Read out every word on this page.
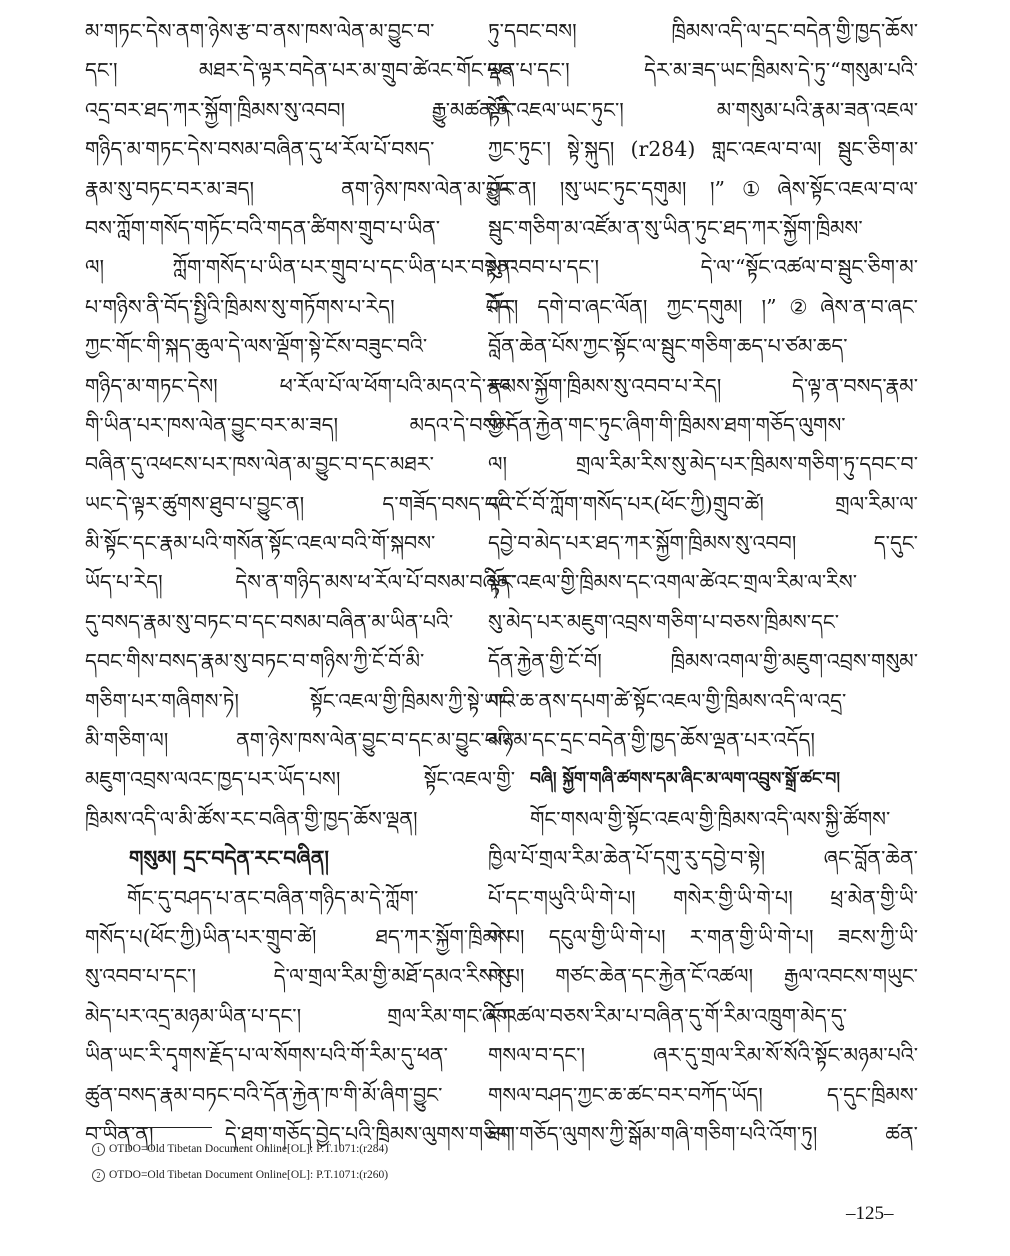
མ་གཏང་དེས་ནག་ཉེས་རྩ་བ་ནས་ཁས་ལེན་མ་བྱུང་བ་
དང་། མཐར་དེ་ལྟར་བདེན་པར་མ་གྲུབ་ཚེའང་གོང་དང་
འདྲ་བར་ཐད་ཀར་སྐྱོག་ཁྲིམས་སུ་འབབ། རྒྱུ་མཚན་ནི་
གཉིད་མ་གཏང་དེས་བསམ་བཞིན་དུ་ཕ་རོལ་པོ་བསད་
རྣམ་སུ་བཏང་བར་མ་ཟད། ནག་ཉེས་ཁས་ལེན་མ་བྱུང་
བས་ཀློག་གསོད་གཏོང་བའི་གདན་ཚིགས་གྲུབ་པ་ཡིན་
ལ། ཀློག་གསོད་པ་ཡིན་པར་གྲུབ་པ་དང་ཡིན་པར་བསྟེན་
པ་གཉིས་ནི་བོད་སྤྱིའི་ཁྲིམས་སུ་གཏོགས་པ་རེད། བོད་
ཀྱང་གོང་གི་སྐད་ཆུལ་དེ་ལས་ལྡོག་སྟེ་ངོས་བཟུང་བའི་
གཉིད་མ་གཏང་དེས། ཕ་རོལ་པོ་ལ་ཕོག་པའི་མདའ་དེ་རང་
གི་ཡིན་པར་ཁས་ལེན་བྱུང་བར་མ་ཟད། མདའ་དེ་བསམ་
བཞིན་དུ་འཕངས་པར་ཁས་ལེན་མ་བྱུང་བ་དང་མཐར་
ཡང་དེ་ལྟར་ཚུགས་ཐུབ་པ་བྱུང་ན། ད་གཟོད་བསད་པའི་
མི་སྟོང་དང་རྣམ་པའི་གསོན་སྟོང་འཇལ་བའི་གོ་སྐབས་
ཡོད་པ་རེད། དེས་ན་གཉིད་མས་ཕ་རོལ་པོ་བསམ་བཞིན་
དུ་བསད་རྣམ་སུ་བཏང་བ་དང་བསམ་བཞིན་མ་ཡིན་པའི་
དབང་གིས་བསད་རྣམ་སུ་བཏང་བ་གཉིས་ཀྱི་ངོ་བོ་མི་
གཅིག་པར་གཞིགས་ཏེ། སྟོང་འཇལ་གྱི་ཁྲིམས་ཀྱི་སྟེ་ཡང་
མི་གཅིག་ལ། ནག་ཉེས་ཁས་ལེན་བྱུང་བ་དང་མ་བྱུང་བའི་
མཇུག་འབྲས་ལའང་ཁྱད་པར་ཡོད་པས། སྟོང་འཇལ་གྱི་
ཁྲིམས་འདི་ལ་མི་ཚོས་རང་བཞིན་གྱི་ཁྱད་ཆོས་ལྡན།
གསུམ། དྲང་བདེན་རང་བཞིན།
གོང་དུ་བཤད་པ་ནང་བཞིན་གཉིད་མ་དེ་ཀློག་
གསོད་པ(ཕོང་ཀྱི)ཡིན་པར་གྲུབ་ཚེ། ཐད་ཀར་སྐྱོག་ཁྲིམས་
སུ་འབབ་པ་དང་། དེ་ལ་གྲལ་རིམ་གྱི་མཐོ་དམའ་རིས་སུ་
མེད་པར་འདྲ་མཉམ་ཡིན་པ་དང་། གྲལ་རིམ་གང་ཞིག་
ཡིན་ཡང་རི་དྭགས་རྗོད་པ་ལ་སོགས་པའི་གོ་རིམ་དུ་ཕན་
ཚུན་བསད་རྣམ་བཏང་བའི་དོན་རྐྱེན་ཁ་གི་མོ་ཞིག་བྱུང་
བ་ཡིན་ན། དེ་ཐག་གཅོད་བྱེད་པའི་ཁྲིམས་ལུགས་གཅིག་
ཏུ་དབང་བས། ཁྲིམས་འདི་ལ་དྲང་བདེན་གྱི་ཁྱད་ཆོས་
ལྡན་པ་དང་། དེར་མ་ཟད་ཡང་ཁྲིམས་དེ་ཏུ་“གསུམ་པའི་
སྟོང་འཇལ་ཡང་ཏུང་། མ་གསུམ་པའི་རྣམ་ཟན་འཇལ་
ཀྱང་ཏུང་། སྟེ་སྐུད། (r284) གླང་འཇལ་བ་ལ། སྦུང་ཅིག་མ་
ཤོར་ན། །སུ་ཡང་ཏུང་དགུམ། །”①ཞེས་སྟོང་འཇལ་བ་ལ་
སྦུང་གཅིག་མ་འཛོམ་ན་སུ་ཡིན་ཏུང་ཐད་ཀར་སྐྱོག་ཁྲིམས་
སུ་འབབ་པ་དང་། དེ་ལ་“སྟོང་འཚལ་བ་སྦུང་ཅིག་མ་
ཤོར། དགེ་བ་ཞང་ལོན། ཀྱང་དགུམ། །”②ཞེས་ན་བ་ཞང་
བློན་ཆེན་པོས་ཀྱང་སྟོང་ལ་སྦུང་གཅིག་ཆད་པ་ཙམ་ཆད་
རྣམས་སྐྱོག་ཁྲིམས་སུ་འབབ་པ་རེད། དེ་ལྟ་ན་བསད་རྣམ་
གྱི་དོན་རྐྱེན་གང་ཏུང་ཞིག་གི་ཁྲིམས་ཐག་གཅོད་ལུགས་
ལ། གྲལ་རིམ་རིས་སུ་མེད་པར་ཁྲིམས་གཅིག་ཏུ་དབང་བ་
དང་ངོ་བོ་ཀློག་གསོད་པར(ཕོང་ཀྱི)གྲུབ་ཚེ། གྲལ་རིམ་ལ་
དབྱེ་བ་མེད་པར་ཐད་ཀར་སྐྱོག་ཁྲིམས་སུ་འབབ། ད་དུང་
སྟོང་འཇལ་གྱི་ཁྲིམས་དང་འགལ་ཚེའང་གྲལ་རིམ་ལ་རིས་
སུ་མེད་པར་མཇུག་འབྲས་གཅིག་པ་བཅས་ཁྲིམས་དང་
དོན་རྐྱེན་གྱི་ངོ་བོ། ཁྲིམས་འགལ་གྱི་མཇུག་འབྲས་གསུམ་
གའི་ཆ་ནས་དཔག་ཚེ་སྟོང་འཇལ་གྱི་ཁྲིམས་འདི་ལ་འདྲ་
མཉམ་དང་དྲང་བདེན་གྱི་ཁྱད་ཆོས་ལྡན་པར་འདོད།
བཞི། སྐྱོག་གཞི་ཚགས་དམ་ཞིང་མ་ལག་འབྲུས་སྒྲོ་ཚང་བ།
གོང་གསལ་གྱི་སྟོང་འཇལ་གྱི་ཁྲིམས་འདི་ལས་སྐྱི་ཚོགས་
ཁྱིལ་པོ་གྲལ་རིམ་ཆེན་པོ་དགུ་རུ་དབྱེ་བ་སྟེ། ཞང་བློན་ཆེན་
པོ་དང་གཡུའི་ཡི་གེ་པ། གསེར་གྱི་ཡི་གེ་པ། ཕྲ་མེན་གྱི་ཡི་
གེ་པ། དངུལ་གྱི་ཡི་གེ་པ། ར་གན་གྱི་ཡི་གེ་པ། ཟངས་ཀྱི་ཡི་
གེ་པ། གཙང་ཆེན་དང་རྐྱེན་ངོ་འཚལ། རྒྱལ་འབངས་གཡུང་
ངོ་འཚལ་བཅས་རིམ་པ་བཞིན་དུ་གོ་རིམ་འཁྲུག་མེད་དུ་
གསལ་བ་དང་། ཞར་དུ་གྲལ་རིམ་སོ་སོའི་སྟོང་མཉམ་པའི་
གསལ་བཤད་ཀྱང་ཆ་ཚང་བར་བཀོད་ཡོད། ད་དུང་ཁྲིམས་
ཐག་གཅོད་ལུགས་ཀྱི་སྒོམ་གཞི་གཅིག་པའི་འོག་ཏུ། ཚན་
1 OTDO=Old Tibetan Document Online[OL]: P.T.1071:(r284)
2 OTDO=Old Tibetan Document Online[OL]: P.T.1071:(r260)
–125–
